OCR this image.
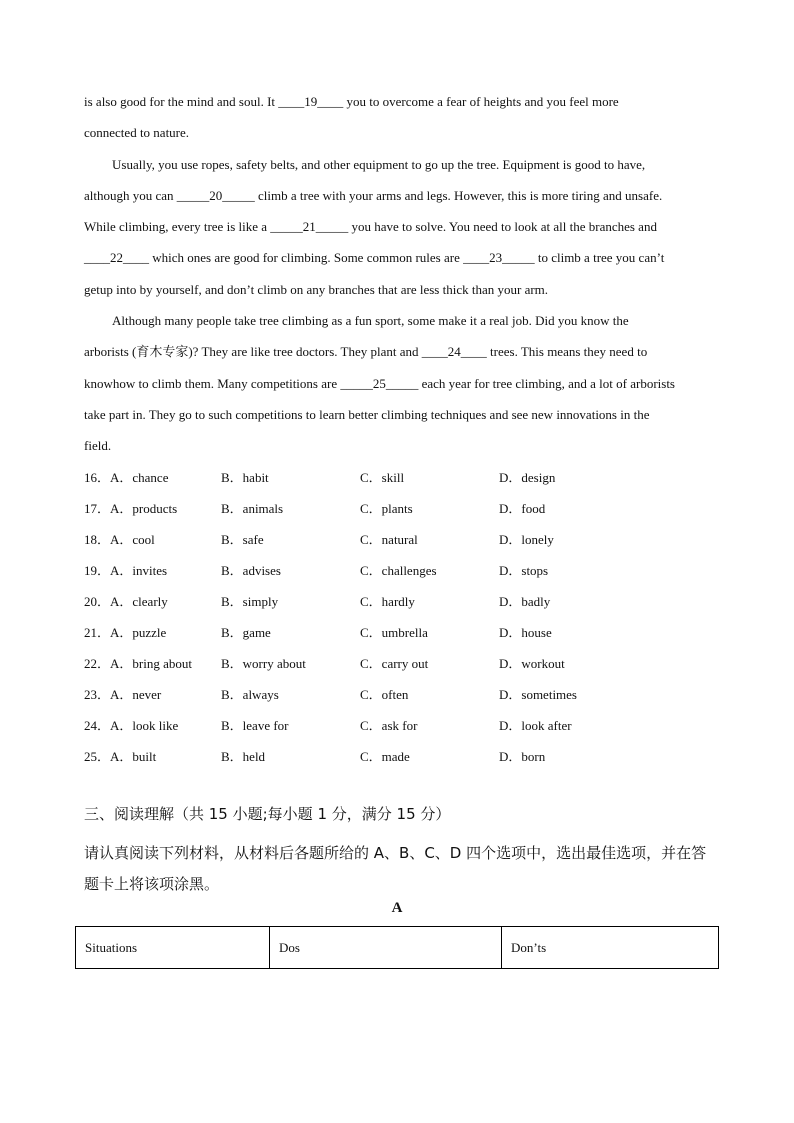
is also good for the mind and soul. It ____19____ you to overcome a fear of heights and you feel more
connected to nature.
Usually, you use ropes, safety belts, and other equipment to go up the tree. Equipment is good to have,
although you can _____20_____ climb a tree with your arms and legs. However, this is more tiring and unsafe.
While climbing, every tree is like a _____21_____ you have to solve. You need to look at all the branches and
____22____ which ones are good for climbing. Some common rules are ____23_____ to climb a tree you can’t
getup into by yourself, and don’t climb on any branches that are less thick than your arm.
Although many people take tree climbing as a fun sport, some make it a real job. Did you know the
arborists (育木专家)? They are like tree doctors. They plant and ____24____ trees. This means they need to
knowhow to climb them. Many competitions are _____25_____ each year for tree climbing, and a lot of arborists
take part in. They go to such competitions to learn better climbing techniques and see new innovations in the
field.
16．A．chance	B．habit	C．skill	D．design
17．A．products	B．animals	C．plants	D．food
18．A．cool	B．safe	C．natural	D．lonely
19．A．invites	B．advises	C．challenges	D．stops
20．A．clearly	B．simply	C．hardly	D．badly
21．A．puzzle	B．game	C．umbrella	D．house
22．A．bring about B．worry about	C．carry out	D．workout
23．A．never	B．always	C．often	D．sometimes
24．A．look like	B．leave for	C．ask for	D．look after
25．A．built	B．held	C．made	D．born
三、阅读理解（共 15 小题;每小题 1 分，满分 15 分）
请认真阅读下列材料，从材料后各题所给的 A、B、C、D 四个选项中，选出最佳选项，并在答 题卡上将该项涂黑。
A
Situations	Dos	Don’ts
